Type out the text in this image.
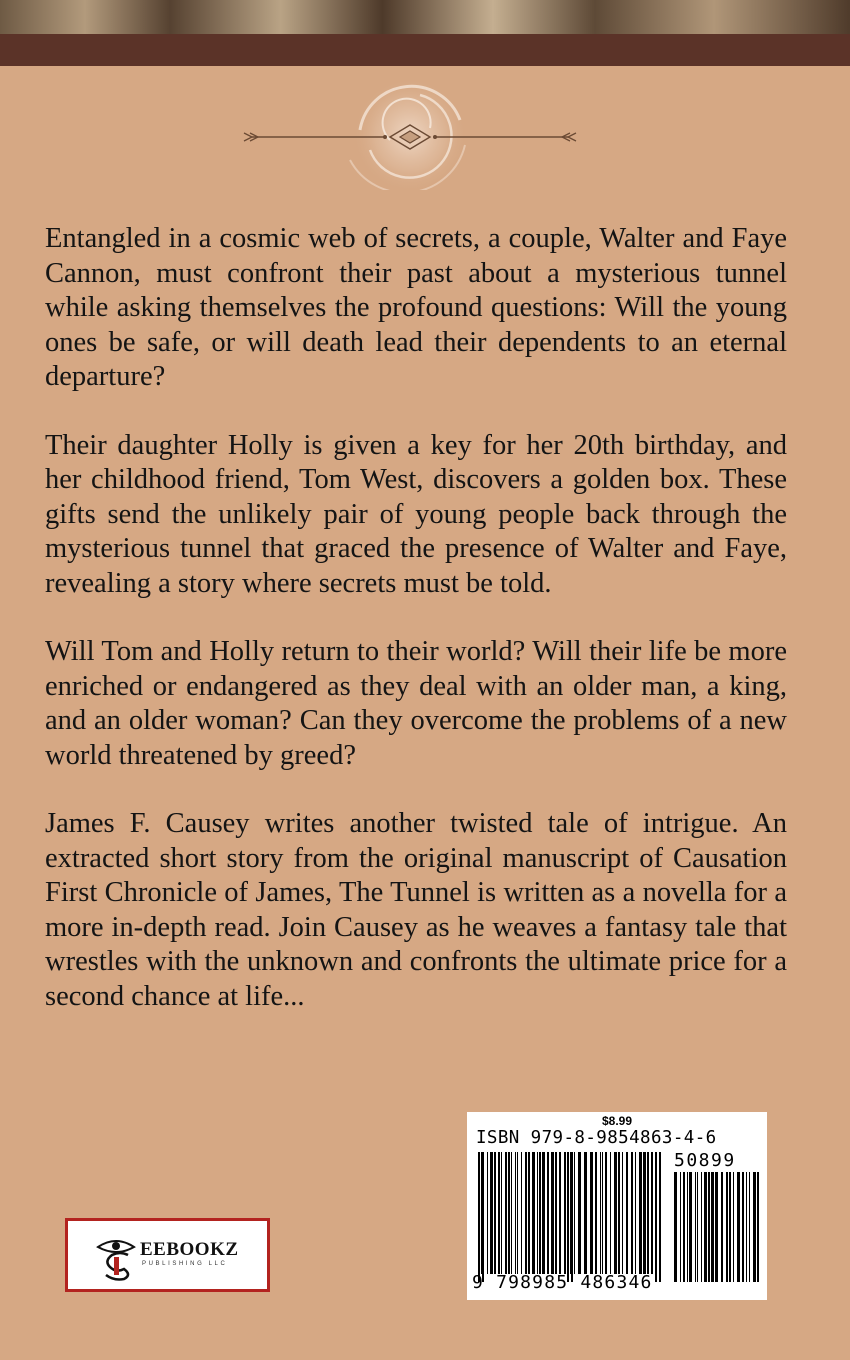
Entangled in a cosmic web of secrets, a couple, Walter and Faye Cannon, must confront their past about a mysterious tunnel while asking themselves the profound questions: Will the young ones be safe, or will death lead their dependents to an eternal departure?

Their daughter Holly is given a key for her 20th birthday, and her childhood friend, Tom West, discovers a golden box. These gifts send the unlikely pair of young people back through the mysterious tunnel that graced the presence of Walter and Faye, revealing a story where secrets must be told.

Will Tom and Holly return to their world? Will their life be more enriched or endangered as they deal with an older man, a king, and an older woman? Can they overcome the problems of a new world threatened by greed?

James F. Causey writes another twisted tale of intrigue. An extracted short story from the original manuscript of Causation First Chronicle of James, The Tunnel is written as a novella for a more in-depth read. Join Causey as he weaves a fantasy tale that wrestles with the unknown and confronts the ultimate price for a second chance at life...

$8.99
ISBN 979-8-9854863-4-6
50899
9 798985 486346
EEBOOKZ
PUBLISHING LLC
